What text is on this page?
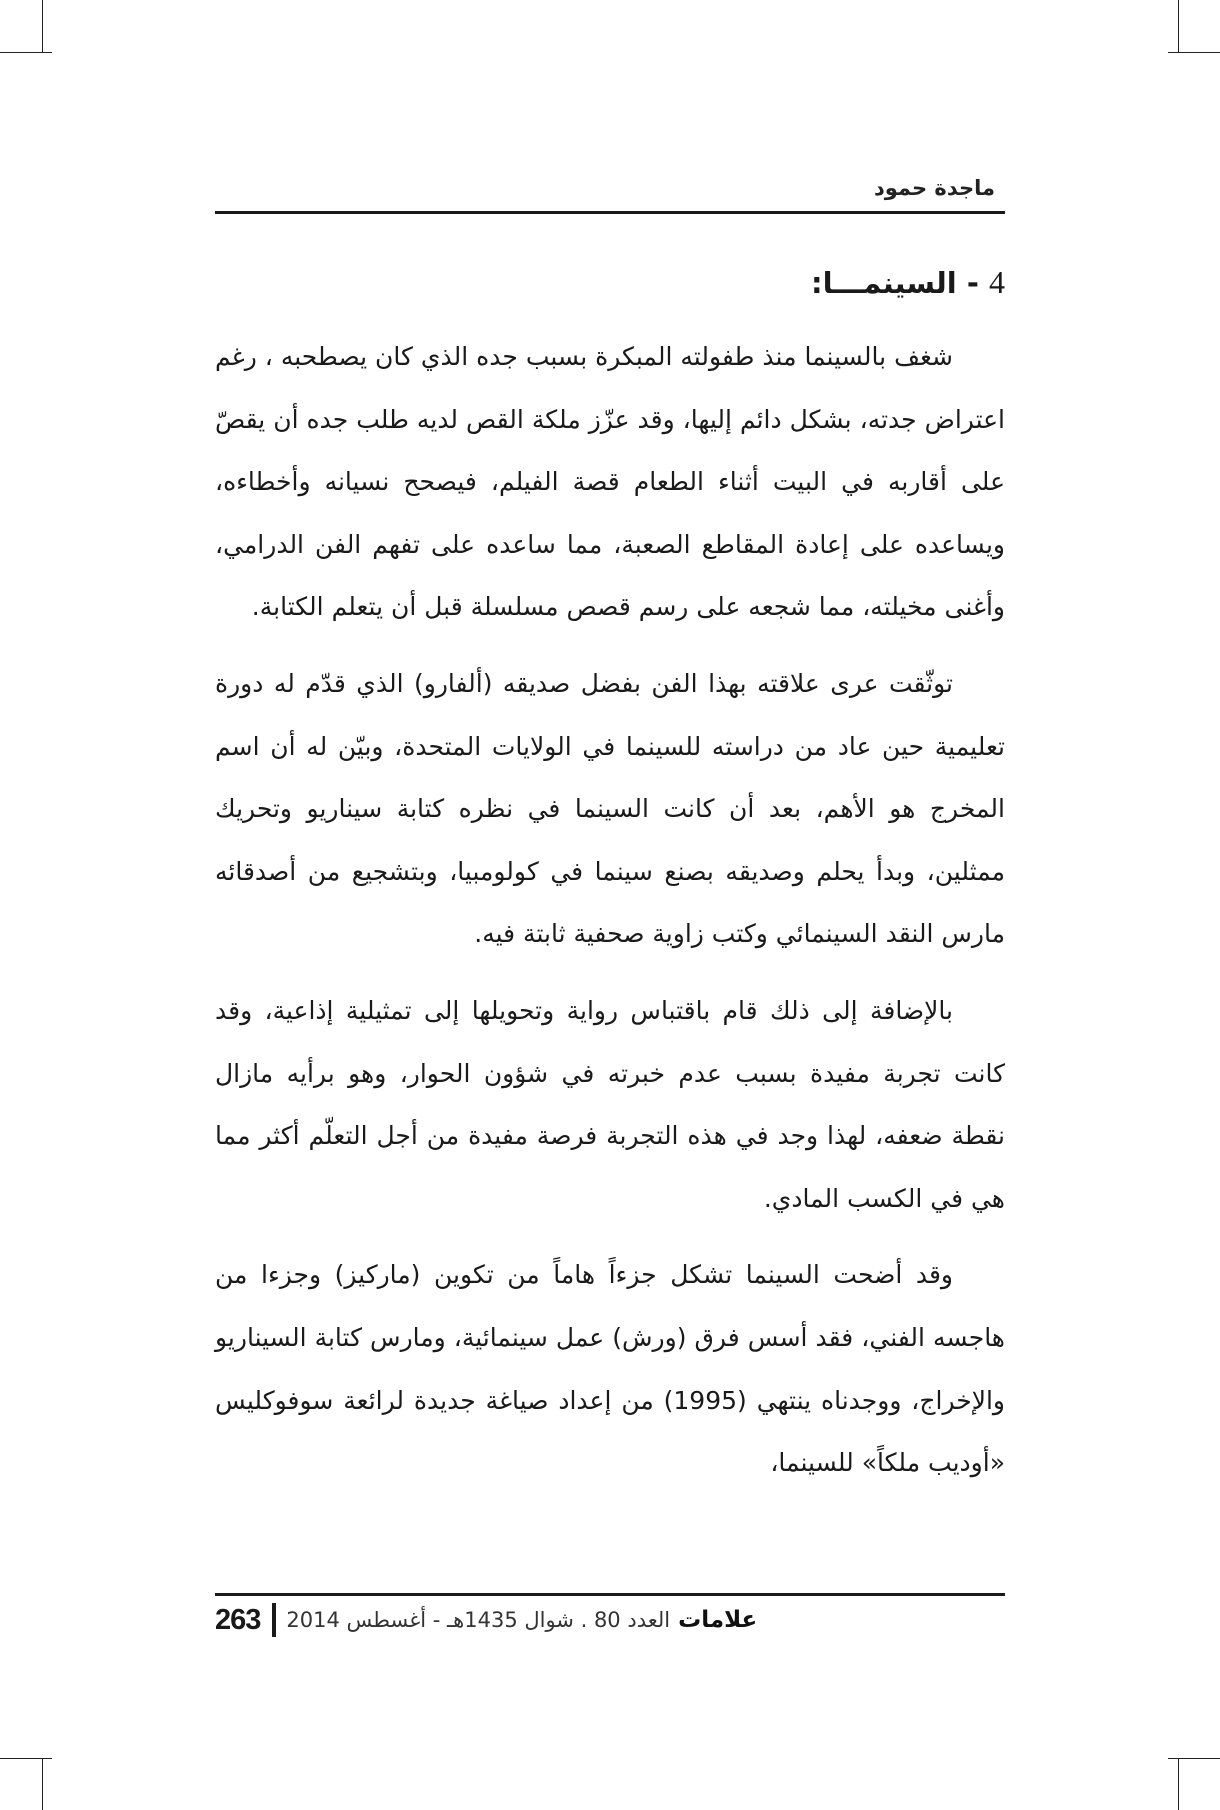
ماجدة حمود
4 - السينمـــا:

شغف بالسينما منذ طفولته المبكرة بسبب جده الذي كان يصطحبه ، رغم اعتراض جدته، بشكل دائم إليها، وقد عزّز ملكة القص لديه طلب جده أن يقصّ على أقاربه في البيت أثناء الطعام قصة الفيلم، فيصحح نسيانه وأخطاءه، ويساعده على إعادة المقاطع الصعبة، مما ساعده على تفهم الفن الدرامي، وأغنى مخيلته، مما شجعه على رسم قصص مسلسلة قبل أن يتعلم الكتابة.

توثّقت عرى علاقته بهذا الفن بفضل صديقه (ألفارو) الذي قدّم له دورة تعليمية حين عاد من دراسته للسينما في الولايات المتحدة، وبيّن له أن اسم المخرج هو الأهم، بعد أن كانت السينما في نظره كتابة سيناريو وتحريك ممثلين، وبدأ يحلم وصديقه بصنع سينما في كولومبيا، وبتشجيع من أصدقائه مارس النقد السينمائي وكتب زاوية صحفية ثابتة فيه.

بالإضافة إلى ذلك قام باقتباس رواية وتحويلها إلى تمثيلية إذاعية، وقد كانت تجربة مفيدة بسبب عدم خبرته في شؤون الحوار، وهو برأيه مازال نقطة ضعفه، لهذا وجد في هذه التجربة فرصة مفيدة من أجل التعلّم أكثر مما هي في الكسب المادي.

وقد أضحت السينما تشكل جزءاً هاماً من تكوين (ماركيز) وجزءا من هاجسه الفني، فقد أسس فرق (ورش) عمل سينمائية، ومارس كتابة السيناريو والإخراج، ووجدناه ينتهي (1995) من إعداد صياغة جديدة لرائعة سوفوكليس «أوديب ملكاً» للسينما،

263 العدد 80 . شوال 1435هـ - أغسطس 2014 علامات
